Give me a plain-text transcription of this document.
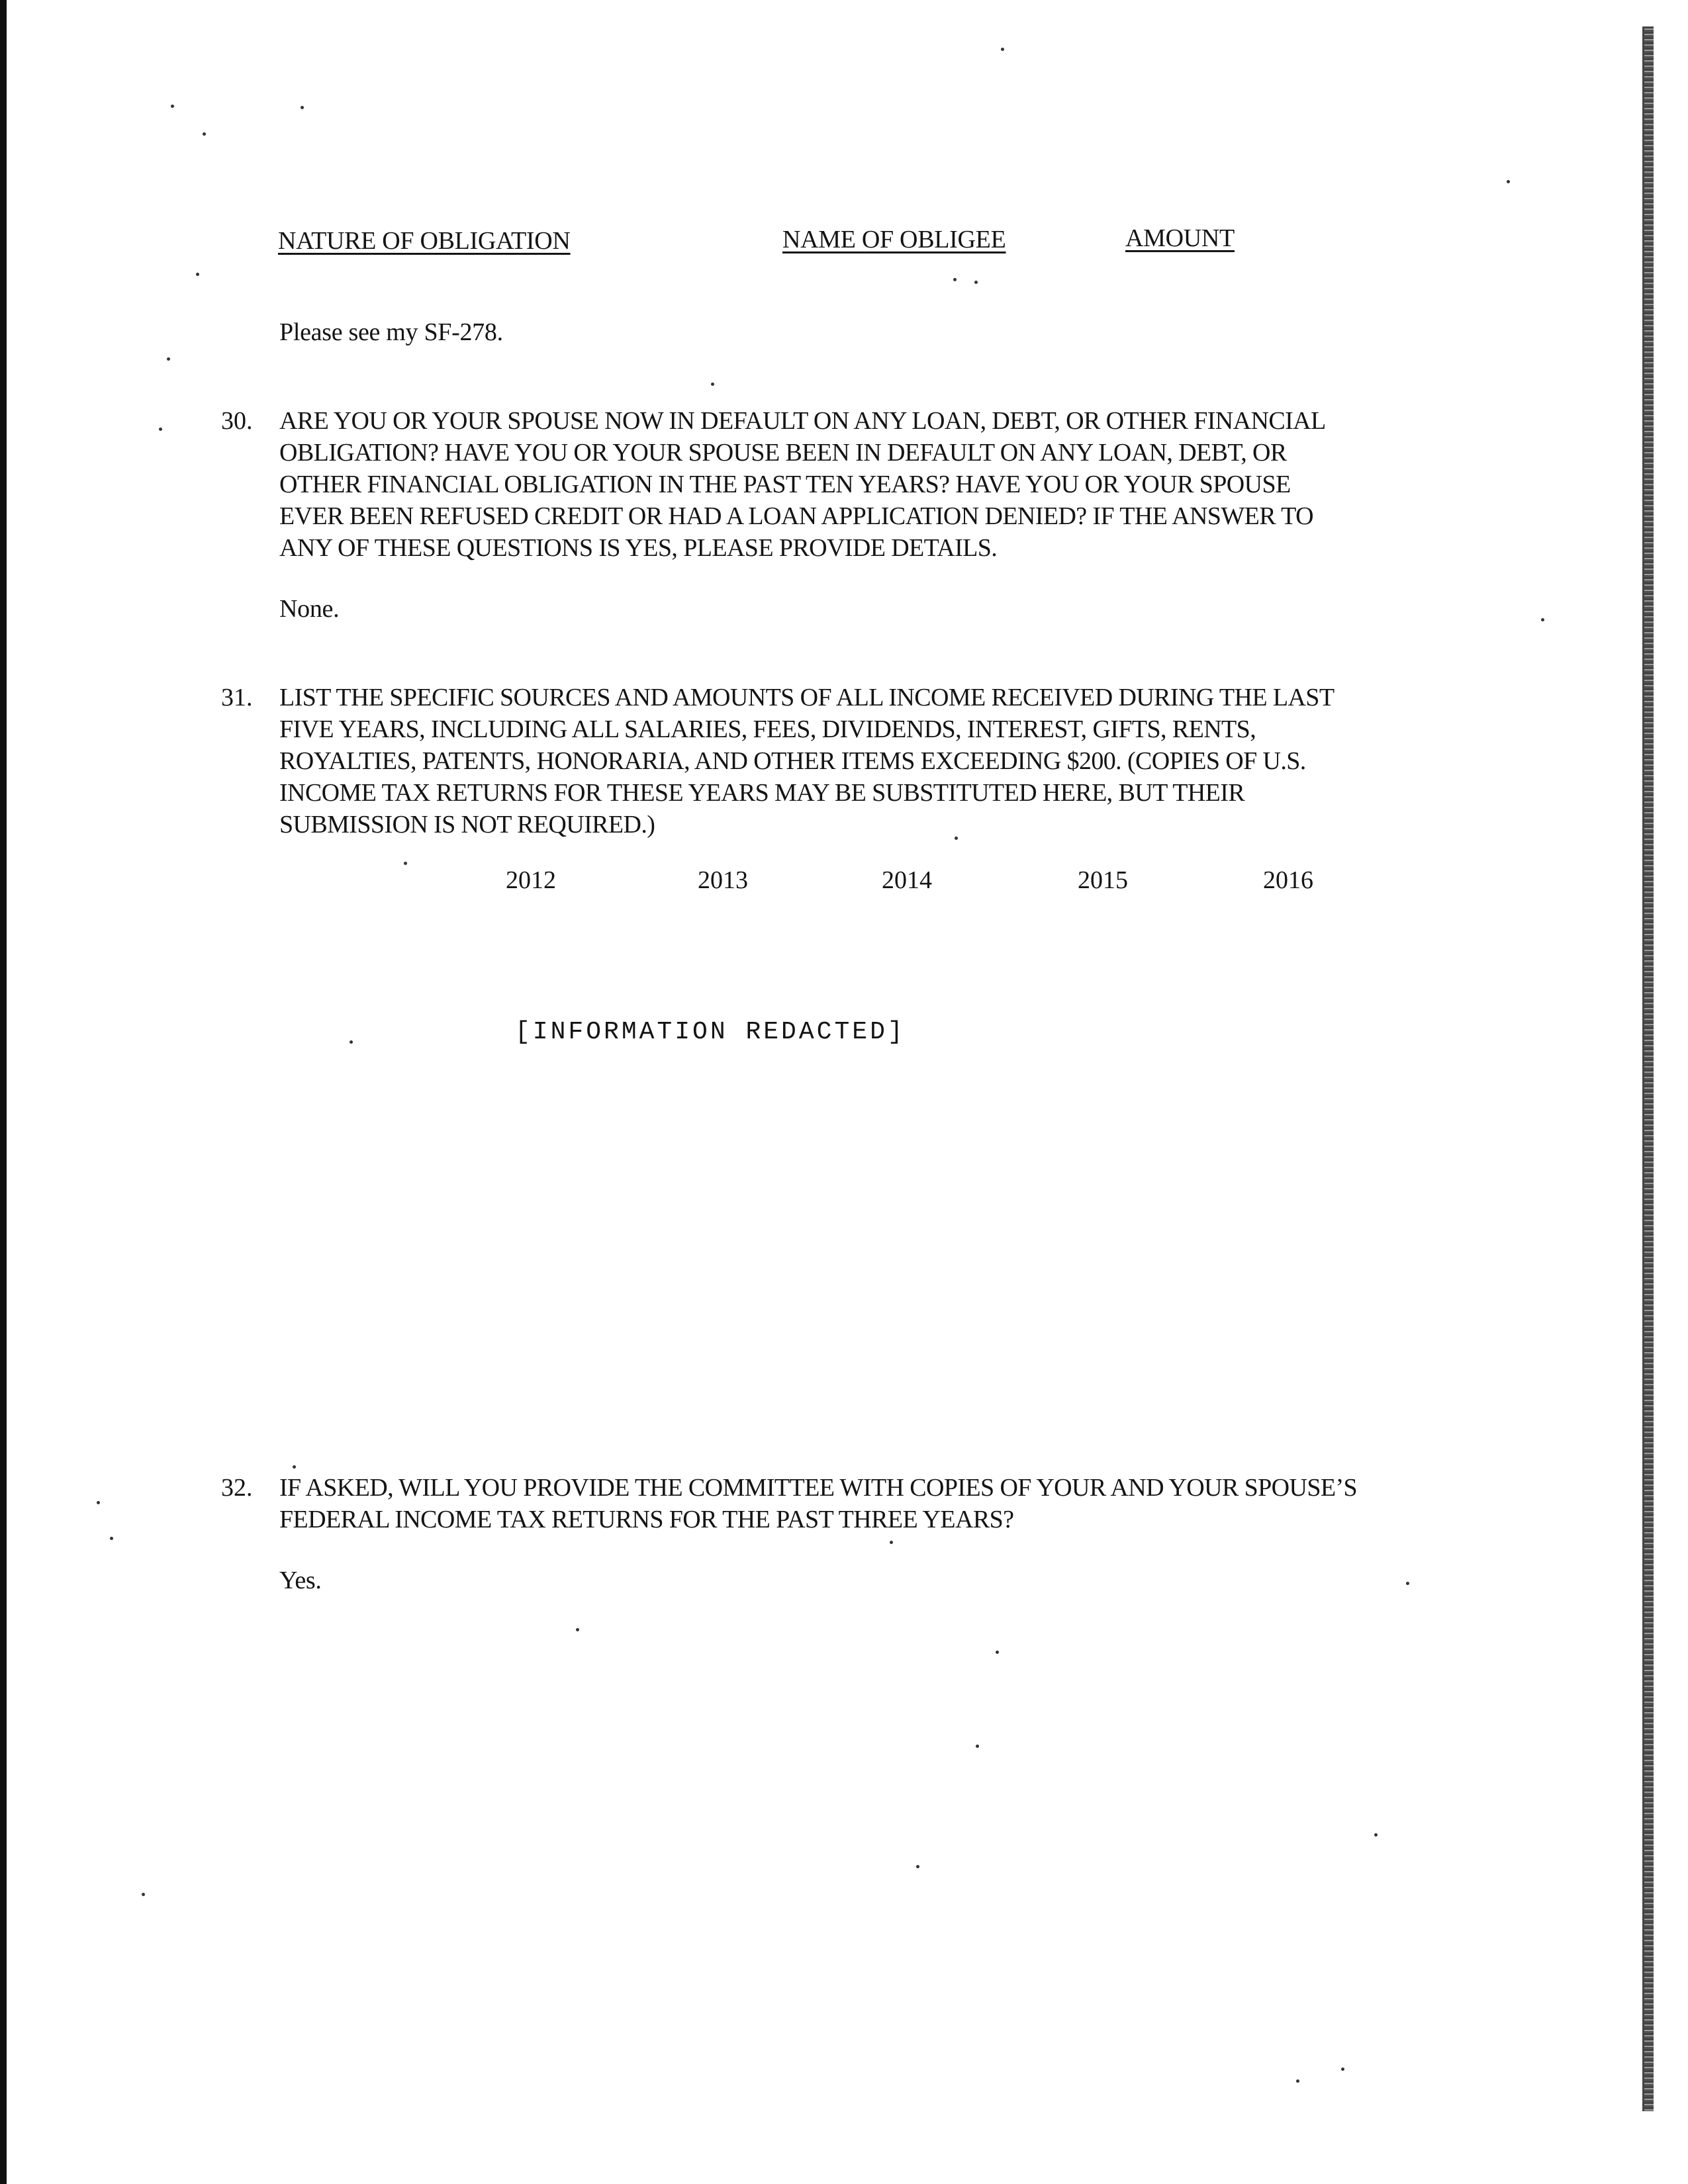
NATURE OF OBLIGATION	NAME OF OBLIGEE	AMOUNT
Please see my SF-278.
30. ARE YOU OR YOUR SPOUSE NOW IN DEFAULT ON ANY LOAN, DEBT, OR OTHER FINANCIAL
OBLIGATION? HAVE YOU OR YOUR SPOUSE BEEN IN DEFAULT ON ANY LOAN, DEBT, OR
OTHER FINANCIAL OBLIGATION IN THE PAST TEN YEARS? HAVE YOU OR YOUR SPOUSE
EVER BEEN REFUSED CREDIT OR HAD A LOAN APPLICATION DENIED? IF THE ANSWER TO
ANY OF THESE QUESTIONS IS YES, PLEASE PROVIDE DETAILS.
None.
31. LIST THE SPECIFIC SOURCES AND AMOUNTS OF ALL INCOME RECEIVED DURING THE LAST
FIVE YEARS, INCLUDING ALL SALARIES, FEES, DIVIDENDS, INTEREST, GIFTS, RENTS,
ROYALTIES, PATENTS, HONORARIA, AND OTHER ITEMS EXCEEDING $200. (COPIES OF U.S.
INCOME TAX RETURNS FOR THESE YEARS MAY BE SUBSTITUTED HERE, BUT THEIR
SUBMISSION IS NOT REQUIRED.)
2012	2013	2014	2015	2016
[INFORMATION REDACTED]
32. IF ASKED, WILL YOU PROVIDE THE COMMITTEE WITH COPIES OF YOUR AND YOUR SPOUSE’S
FEDERAL INCOME TAX RETURNS FOR THE PAST THREE YEARS?
Yes.
